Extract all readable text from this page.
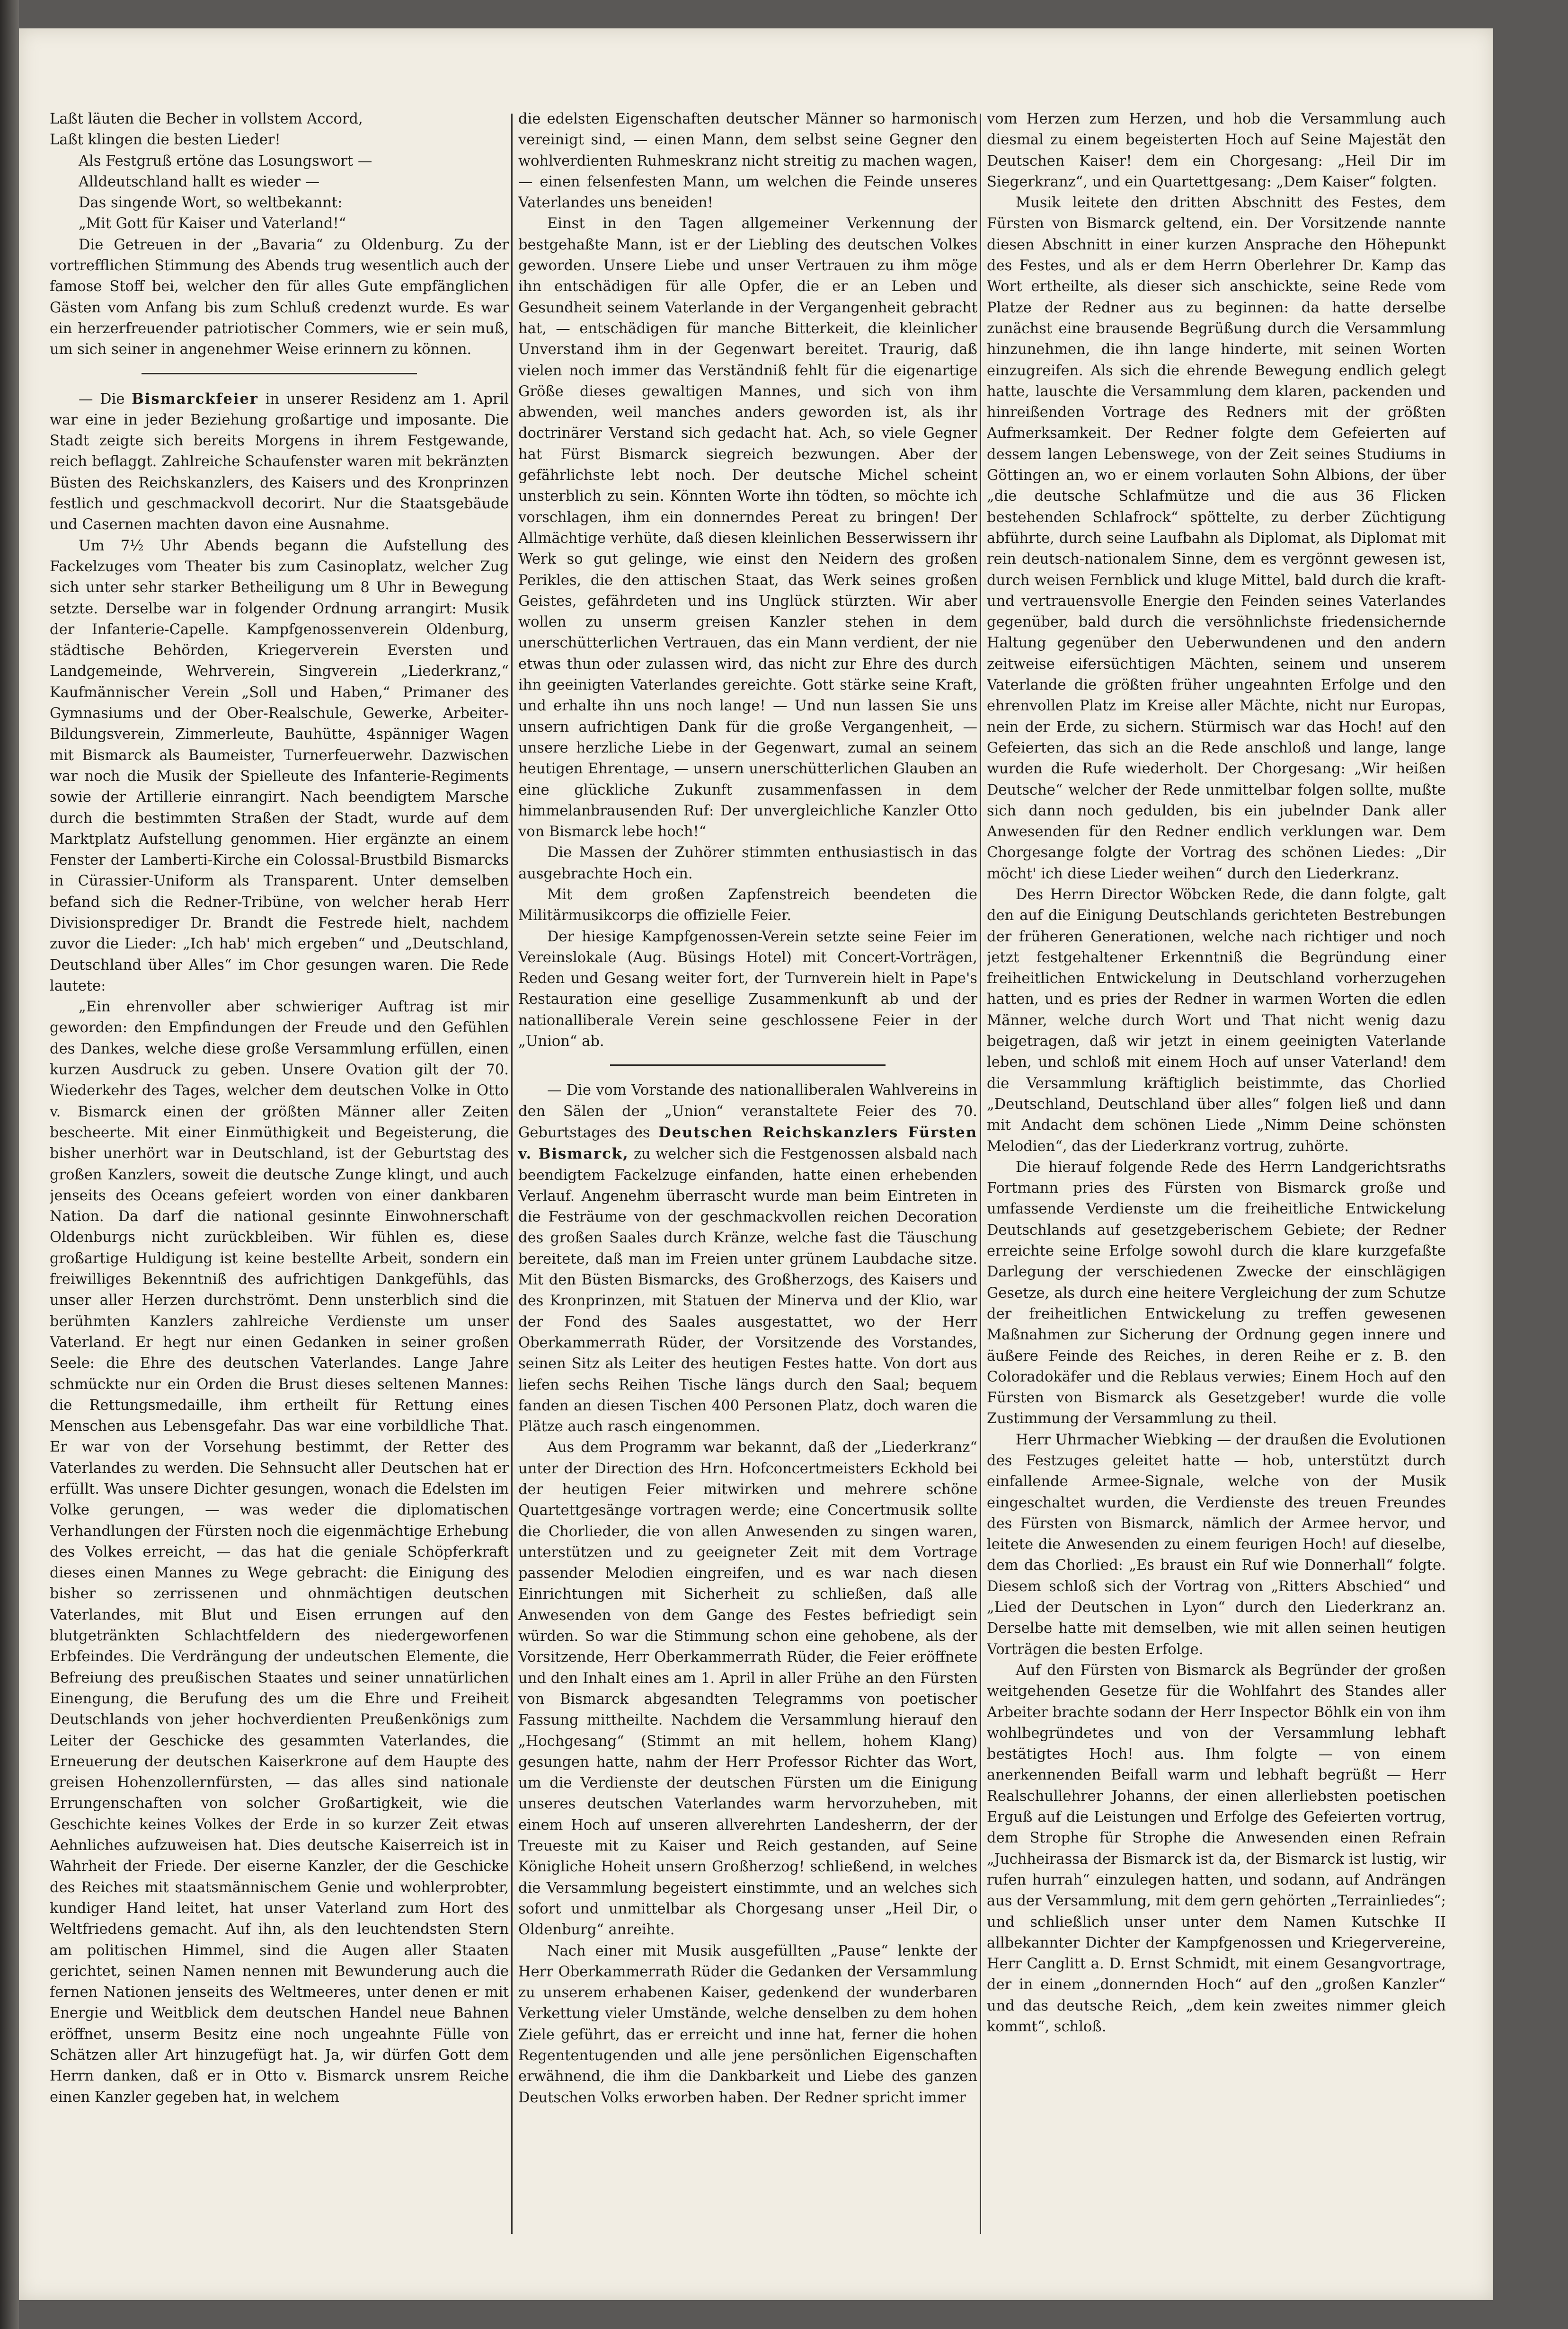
Laßt läuten die Becher in vollstem Accord,
Laßt klingen die besten Lieder!
Als Festgruß ertöne das Losungswort —
Alldeutschland hallt es wieder —
Das singende Wort, so weltbekannt:
„Mit Gott für Kaiser und Vaterland!“

Die Getreuen in der „Bavaria“ zu Oldenburg. Zu der vortrefflichen Stimmung des Abends trug wesentlich auch der famose Stoff bei, welcher den für alles Gute empfänglichen Gästen vom Anfang bis zum Schluß credenzt wurde. Es war ein herzerfreuender patriotischer Commers, wie er sein muß, um sich seiner in angenehmer Weise erinnern zu können.

— Die Bismarckfeier in unserer Residenz am 1. April war eine in jeder Beziehung großartige und imposante. Die Stadt zeigte sich bereits Morgens in ihrem Festgewande, reich beflaggt. Zahlreiche Schaufenster waren mit bekränzten Büsten des Reichskanzlers, des Kaisers und des Kronprinzen festlich und geschmackvoll decorirt. Nur die Staatsgebäude und Casernen machten davon eine Ausnahme.

Um 7½ Uhr Abends begann die Aufstellung des Fackelzuges vom Theater bis zum Casinoplatz, welcher Zug sich unter sehr starker Betheiligung um 8 Uhr in Bewegung setzte. Derselbe war in folgender Ordnung arrangirt: Musik der Infanterie-Capelle. Kampfgenossenverein Oldenburg, städtische Behörden, Kriegerverein Eversten und Landgemeinde, Wehrverein, Singverein „Liederkranz,“ Kaufmännischer Verein „Soll und Haben,“ Primaner des Gymnasiums und der Ober-Realschule, Gewerke, Arbeiter-Bildungsverein, Zimmerleute, Bauhütte, 4spänniger Wagen mit Bismarck als Baumeister, Turnerfeuerwehr. Dazwischen war noch die Musik der Spielleute des Infanterie-Regiments sowie der Artillerie einrangirt. Nach beendigtem Marsche durch die bestimmten Straßen der Stadt, wurde auf dem Marktplatz Aufstellung genommen. Hier ergänzte an einem Fenster der Lamberti-Kirche ein Colossal-Brustbild Bismarcks in Cürassier-Uniform als Transparent. Unter demselben befand sich die Redner-Tribüne, von welcher herab Herr Divisionsprediger Dr. Brandt die Festrede hielt, nachdem zuvor die Lieder: „Ich hab' mich ergeben“ und „Deutschland, Deutschland über Alles“ im Chor gesungen waren. Die Rede lautete:

„Ein ehrenvoller aber schwieriger Auftrag ist mir geworden: den Empfindungen der Freude und den Gefühlen des Dankes, welche diese große Versammlung erfüllen, einen kurzen Ausdruck zu geben. Unsere Ovation gilt der 70. Wiederkehr des Tages, welcher dem deutschen Volke in Otto v. Bismarck einen der größten Männer aller Zeiten bescheerte. Mit einer Einmüthigkeit und Begeisterung, die bisher unerhört war in Deutschland, ist der Geburtstag des großen Kanzlers, soweit die deutsche Zunge klingt, und auch jenseits des Oceans gefeiert worden von einer dankbaren Nation. Da darf die national gesinnte Einwohnerschaft Oldenburgs nicht zurückbleiben. Wir fühlen es, diese großartige Huldigung ist keine bestellte Arbeit, sondern ein freiwilliges Bekenntniß des aufrichtigen Dankgefühls, das unser aller Herzen durchströmt. Denn unsterblich sind die berühmten Kanzlers zahlreiche Verdienste um unser Vaterland. Er hegt nur einen Gedanken in seiner großen Seele: die Ehre des deutschen Vaterlandes. Lange Jahre schmückte nur ein Orden die Brust dieses seltenen Mannes: die Rettungsmedaille, ihm ertheilt für Rettung eines Menschen aus Lebensgefahr. Das war eine vorbildliche That. Er war von der Vorsehung bestimmt, der Retter des Vaterlandes zu werden. Die Sehnsucht aller Deutschen hat er erfüllt. Was unsere Dichter gesungen, wonach die Edelsten im Volke gerungen, — was weder die diplomatischen Verhandlungen der Fürsten noch die eigenmächtige Erhebung des Volkes erreicht, — das hat die geniale Schöpferkraft dieses einen Mannes zu Wege gebracht: die Einigung des bisher so zerrissenen und ohnmächtigen deutschen Vaterlandes, mit Blut und Eisen errungen auf den blutgetränkten Schlachtfeldern des niedergeworfenen Erbfeindes. Die Verdrängung der undeutschen Elemente, die Befreiung des preußischen Staates und seiner unnatürlichen Einengung, die Berufung des um die Ehre und Freiheit Deutschlands von jeher hochverdienten Preußenkönigs zum Leiter der Geschicke des gesammten Vaterlandes, die Erneuerung der deutschen Kaiserkrone auf dem Haupte des greisen Hohenzollernfürsten, — das alles sind nationale Errungenschaften von solcher Großartigkeit, wie die Geschichte keines Volkes der Erde in so kurzer Zeit etwas Aehnliches aufzuweisen hat. Dies deutsche Kaiserreich ist in Wahrheit der Friede. Der eiserne Kanzler, der die Geschicke des Reiches mit staatsmännischem Genie und wohlerprobter, kundiger Hand leitet, hat unser Vaterland zum Hort des Weltfriedens gemacht. Auf ihn, als den leuchtendsten Stern am politischen Himmel, sind die Augen aller Staaten gerichtet, seinen Namen nennen mit Bewunderung auch die fernen Nationen jenseits des Weltmeeres, unter denen er mit Energie und Weitblick dem deutschen Handel neue Bahnen eröffnet, unserm Besitz eine noch ungeahnte Fülle von Schätzen aller Art hinzugefügt hat. Ja, wir dürfen Gott dem Herrn danken, daß er in Otto v. Bismarck unsrem Reiche einen Kanzler gegeben hat, in welchem

die edelsten Eigenschaften deutscher Männer so harmonisch vereinigt sind, — einen Mann, dem selbst seine Gegner den wohlverdienten Ruhmeskranz nicht streitig zu machen wagen, — einen felsenfesten Mann, um welchen die Feinde unseres Vaterlandes uns beneiden!

Einst in den Tagen allgemeiner Verkennung der bestgehaßte Mann, ist er der Liebling des deutschen Volkes geworden. Unsere Liebe und unser Vertrauen zu ihm möge ihn entschädigen für alle Opfer, die er an Leben und Gesundheit seinem Vaterlande in der Vergangenheit gebracht hat, — entschädigen für manche Bitterkeit, die kleinlicher Unverstand ihm in der Gegenwart bereitet. Traurig, daß vielen noch immer das Verständniß fehlt für die eigenartige Größe dieses gewaltigen Mannes, und sich von ihm abwenden, weil manches anders geworden ist, als ihr doctrinärer Verstand sich gedacht hat. Ach, so viele Gegner hat Fürst Bismarck siegreich bezwungen. Aber der gefährlichste lebt noch. Der deutsche Michel scheint unsterblich zu sein. Könnten Worte ihn tödten, so möchte ich vorschlagen, ihm ein donnerndes Pereat zu bringen! Der Allmächtige verhüte, daß diesen kleinlichen Besserwissern ihr Werk so gut gelinge, wie einst den Neidern des großen Perikles, die den attischen Staat, das Werk seines großen Geistes, gefährdeten und ins Unglück stürzten. Wir aber wollen zu unserm greisen Kanzler stehen in dem unerschütterlichen Vertrauen, das ein Mann verdient, der nie etwas thun oder zulassen wird, das nicht zur Ehre des durch ihn geeinigten Vaterlandes gereichte. Gott stärke seine Kraft, und erhalte ihn uns noch lange! — Und nun lassen Sie uns unsern aufrichtigen Dank für die große Vergangenheit, — unsere herzliche Liebe in der Gegenwart, zumal an seinem heutigen Ehrentage, — unsern unerschütterlichen Glauben an eine glückliche Zukunft zusammenfassen in dem himmelanbrausenden Ruf: Der unvergleichliche Kanzler Otto von Bismarck lebe hoch!“

Die Massen der Zuhörer stimmten enthusiastisch in das ausgebrachte Hoch ein.

Mit dem großen Zapfenstreich beendeten die Militärmusikcorps die offizielle Feier.

Der hiesige Kampfgenossen-Verein setzte seine Feier im Vereinslokale (Aug. Büsings Hotel) mit Concert-Vorträgen, Reden und Gesang weiter fort, der Turnverein hielt in Pape's Restauration eine gesellige Zusammenkunft ab und der nationalliberale Verein seine geschlossene Feier in der „Union“ ab.

— Die vom Vorstande des nationalliberalen Wahlvereins in den Sälen der „Union“ veranstaltete Feier des 70. Geburtstages des Deutschen Reichskanzlers Fürsten v. Bismarck, zu welcher sich die Festgenossen alsbald nach beendigtem Fackelzuge einfanden, hatte einen erhebenden Verlauf. Angenehm überrascht wurde man beim Eintreten in die Festräume von der geschmackvollen reichen Decoration des großen Saales durch Kränze, welche fast die Täuschung bereitete, daß man im Freien unter grünem Laubdache sitze. Mit den Büsten Bismarcks, des Großherzogs, des Kaisers und des Kronprinzen, mit Statuen der Minerva und der Klio, war der Fond des Saales ausgestattet, wo der Herr Oberkammerrath Rüder, der Vorsitzende des Vorstandes, seinen Sitz als Leiter des heutigen Festes hatte. Von dort aus liefen sechs Reihen Tische längs durch den Saal; bequem fanden an diesen Tischen 400 Personen Platz, doch waren die Plätze auch rasch eingenommen.

Aus dem Programm war bekannt, daß der „Liederkranz“ unter der Direction des Hrn. Hofconcertmeisters Eckhold bei der heutigen Feier mitwirken und mehrere schöne Quartettgesänge vortragen werde; eine Concertmusik sollte die Chorlieder, die von allen Anwesenden zu singen waren, unterstützen und zu geeigneter Zeit mit dem Vortrage passender Melodien eingreifen, und es war nach diesen Einrichtungen mit Sicherheit zu schließen, daß alle Anwesenden von dem Gange des Festes befriedigt sein würden. So war die Stimmung schon eine gehobene, als der Vorsitzende, Herr Oberkammerrath Rüder, die Feier eröffnete und den Inhalt eines am 1. April in aller Frühe an den Fürsten von Bismarck abgesandten Telegramms von poetischer Fassung mittheilte. Nachdem die Versammlung hierauf den „Hochgesang“ (Stimmt an mit hellem, hohem Klang) gesungen hatte, nahm der Herr Professor Richter das Wort, um die Verdienste der deutschen Fürsten um die Einigung unseres deutschen Vaterlandes warm hervorzuheben, mit einem Hoch auf unseren allverehrten Landesherrn, der der Treueste mit zu Kaiser und Reich gestanden, auf Seine Königliche Hoheit unsern Großherzog! schließend, in welches die Versammlung begeistert einstimmte, und an welches sich sofort und unmittelbar als Chorgesang unser „Heil Dir, o Oldenburg“ anreihte.

Nach einer mit Musik ausgefüllten „Pause“ lenkte der Herr Oberkammerrath Rüder die Gedanken der Versammlung zu unserem erhabenen Kaiser, gedenkend der wunderbaren Verkettung vieler Umstände, welche denselben zu dem hohen Ziele geführt, das er erreicht und inne hat, ferner die hohen Regententugenden und alle jene persönlichen Eigenschaften erwähnend, die ihm die Dankbarkeit und Liebe des ganzen Deutschen Volks erworben haben. Der Redner spricht immer

vom Herzen zum Herzen, und hob die Versammlung auch diesmal zu einem begeisterten Hoch auf Seine Majestät den Deutschen Kaiser! dem ein Chorgesang: „Heil Dir im Siegerkranz“, und ein Quartettgesang: „Dem Kaiser“ folgten.

Musik leitete den dritten Abschnitt des Festes, dem Fürsten von Bismarck geltend, ein. Der Vorsitzende nannte diesen Abschnitt in einer kurzen Ansprache den Höhepunkt des Festes, und als er dem Herrn Oberlehrer Dr. Kamp das Wort ertheilte, als dieser sich anschickte, seine Rede vom Platze der Redner aus zu beginnen: da hatte derselbe zunächst eine brausende Begrüßung durch die Versammlung hinzunehmen, die ihn lange hinderte, mit seinen Worten einzugreifen. Als sich die ehrende Bewegung endlich gelegt hatte, lauschte die Versammlung dem klaren, packenden und hinreißenden Vortrage des Redners mit der größten Aufmerksamkeit. Der Redner folgte dem Gefeierten auf dessem langen Lebenswege, von der Zeit seines Studiums in Göttingen an, wo er einem vorlauten Sohn Albions, der über „die deutsche Schlafmütze und die aus 36 Flicken bestehenden Schlafrock“ spöttelte, zu derber Züchtigung abführte, durch seine Laufbahn als Diplomat, als Diplomat mit rein deutsch-nationalem Sinne, dem es vergönnt gewesen ist, durch weisen Fernblick und kluge Mittel, bald durch die kraft- und vertrauensvolle Energie den Feinden seines Vaterlandes gegenüber, bald durch die versöhnlichste friedensichernde Haltung gegenüber den Ueberwundenen und den andern zeitweise eifersüchtigen Mächten, seinem und unserem Vaterlande die größten früher ungeahnten Erfolge und den ehrenvollen Platz im Kreise aller Mächte, nicht nur Europas, nein der Erde, zu sichern. Stürmisch war das Hoch! auf den Gefeierten, das sich an die Rede anschloß und lange, lange wurden die Rufe wiederholt. Der Chorgesang: „Wir heißen Deutsche“ welcher der Rede unmittelbar folgen sollte, mußte sich dann noch gedulden, bis ein jubelnder Dank aller Anwesenden für den Redner endlich verklungen war. Dem Chorgesange folgte der Vortrag des schönen Liedes: „Dir möcht' ich diese Lieder weihen“ durch den Liederkranz.

Des Herrn Director Wöbcken Rede, die dann folgte, galt den auf die Einigung Deutschlands gerichteten Bestrebungen der früheren Generationen, welche nach richtiger und noch jetzt festgehaltener Erkenntniß die Begründung einer freiheitlichen Entwickelung in Deutschland vorherzugehen hatten, und es pries der Redner in warmen Worten die edlen Männer, welche durch Wort und That nicht wenig dazu beigetragen, daß wir jetzt in einem geeinigten Vaterlande leben, und schloß mit einem Hoch auf unser Vaterland! dem die Versammlung kräftiglich beistimmte, das Chorlied „Deutschland, Deutschland über alles“ folgen ließ und dann mit Andacht dem schönen Liede „Nimm Deine schönsten Melodien“, das der Liederkranz vortrug, zuhörte.

Die hierauf folgende Rede des Herrn Landgerichtsraths Fortmann pries des Fürsten von Bismarck große und umfassende Verdienste um die freiheitliche Entwickelung Deutschlands auf gesetzgeberischem Gebiete; der Redner erreichte seine Erfolge sowohl durch die klare kurzgefaßte Darlegung der verschiedenen Zwecke der einschlägigen Gesetze, als durch eine heitere Vergleichung der zum Schutze der freiheitlichen Entwickelung zu treffen gewesenen Maßnahmen zur Sicherung der Ordnung gegen innere und äußere Feinde des Reiches, in deren Reihe er z. B. den Coloradokäfer und die Reblaus verwies; Einem Hoch auf den Fürsten von Bismarck als Gesetzgeber! wurde die volle Zustimmung der Versammlung zu theil.

Herr Uhrmacher Wiebking — der draußen die Evolutionen des Festzuges geleitet hatte — hob, unterstützt durch einfallende Armee-Signale, welche von der Musik eingeschaltet wurden, die Verdienste des treuen Freundes des Fürsten von Bismarck, nämlich der Armee hervor, und leitete die Anwesenden zu einem feurigen Hoch! auf dieselbe, dem das Chorlied: „Es braust ein Ruf wie Donnerhall“ folgte. Diesem schloß sich der Vortrag von „Ritters Abschied“ und „Lied der Deutschen in Lyon“ durch den Liederkranz an. Derselbe hatte mit demselben, wie mit allen seinen heutigen Vorträgen die besten Erfolge.

Auf den Fürsten von Bismarck als Begründer der großen weitgehenden Gesetze für die Wohlfahrt des Standes aller Arbeiter brachte sodann der Herr Inspector Böhlk ein von ihm wohlbegründetes und von der Versammlung lebhaft bestätigtes Hoch! aus. Ihm folgte — von einem anerkennenden Beifall warm und lebhaft begrüßt — Herr Realschullehrer Johanns, der einen allerliebsten poetischen Erguß auf die Leistungen und Erfolge des Gefeierten vortrug, dem Strophe für Strophe die Anwesenden einen Refrain „Juchheirassa der Bismarck ist da, der Bismarck ist lustig, wir rufen hurrah“ einzulegen hatten, und sodann, auf Andrängen aus der Versammlung, mit dem gern gehörten „Terrainliedes“; und schließlich unser unter dem Namen Kutschke II allbekannter Dichter der Kampfgenossen und Kriegervereine, Herr Canglitt a. D. Ernst Schmidt, mit einem Gesangvortrage, der in einem „donnernden Hoch“ auf den „großen Kanzler“ und das deutsche Reich, „dem kein zweites nimmer gleich kommt“, schloß.
